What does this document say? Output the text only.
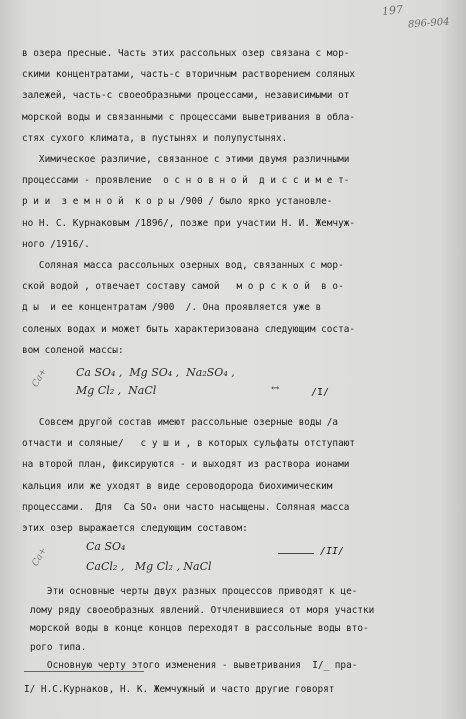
197
896-904
в озера пресные. Часть этих рассольных озер связана с мор-
скими концентратами, часть-с вторичным растворением соляных
залежей, часть-с своеобразными процессами, независимыми от
морской воды и связанными с процессами выветривания в обла-
стях сухого климата, в пустынях и полупустынях.
Химическое различие, связанное с этими двумя различными
процессами - проявление  о с н о в н о й  д и с с и м е т-
р и и  з е м н о й  к о р ы /900 / было ярко установле-
но Н. С. Курнаковым /1896/, позже при участии Н. И. Жемчуж-
ного /1916/.
Соляная масса рассольных озерных вод, связанных с мор-
ской водой , отвечает составу самой   м о р с к о й  в о-
д ы  и ее концентратам /900  /. Она проявляется уже в
соленых водах и может быть характеризована следующим соста-
вом соленой массы:
Ca+ Ca SO₄ ,  Mg SO₄ ,  Na₂SO₄ ,
Mg Cl₂ ,  NaCl	/I/
↔
Совсем другой состав имеют рассольные озерные воды /а
отчасти и соляные/   с у ш и , в которых сульфаты отступают
на второй план, фиксируются - и выходят из раствора ионами
кальция или же уходят в виде сероводорода биохимическим
процессами.  Для  Ca SO₄ они часто насыщены. Соляная масса
этих озер выражается следующим составом:
Ca+	Ca SO₄
CaCl₂ ,   Mg Cl₂ , NaCl
/II/
Эти основные черты двух разных процессов приводят к це-
лому ряду своеобразных явлений. Отчленившиеся от моря участки
морской воды в конце концов переходят в рассольные воды вто-
рого типа.
Основную черту этого изменения - выветривания  I/_ пра-
I/ Н.С.Курнаков, Н. К. Жемчужный и часто другие говорят
